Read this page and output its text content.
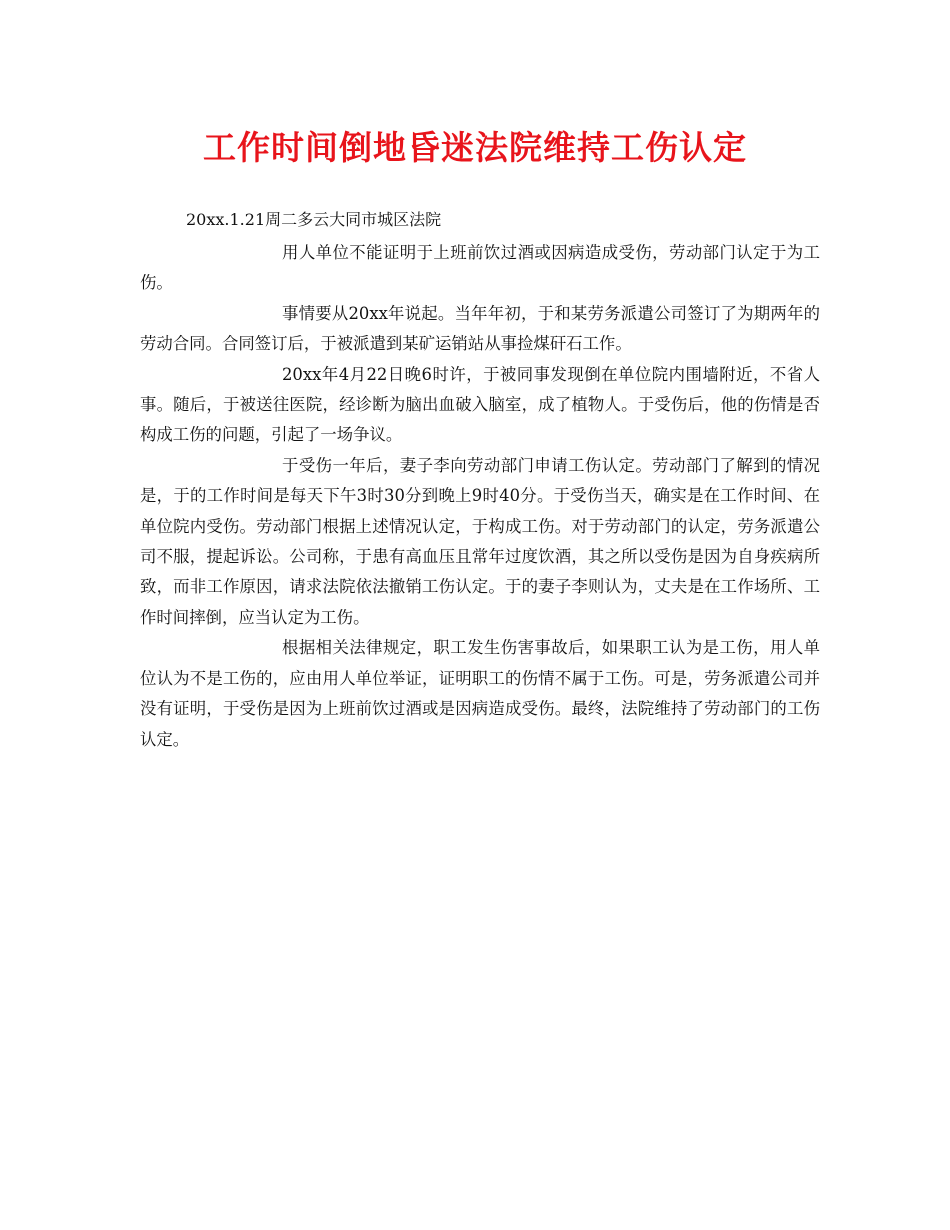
工作时间倒地昏迷法院维持工伤认定

20xx.1.21周二多云大同市城区法院

用人单位不能证明于上班前饮过酒或因病造成受伤，劳动部门认定于为工伤。

事情要从20xx年说起。当年年初，于和某劳务派遣公司签订了为期两年的劳动合同。合同签订后，于被派遣到某矿运销站从事捡煤矸石工作。

20xx年4月22日晚6时许，于被同事发现倒在单位院内围墙附近，不省人事。随后，于被送往医院，经诊断为脑出血破入脑室，成了植物人。于受伤后，他的伤情是否构成工伤的问题，引起了一场争议。

于受伤一年后，妻子李向劳动部门申请工伤认定。劳动部门了解到的情况是，于的工作时间是每天下午3时30分到晚上9时40分。于受伤当天，确实是在工作时间、在单位院内受伤。劳动部门根据上述情况认定，于构成工伤。对于劳动部门的认定，劳务派遣公司不服，提起诉讼。公司称，于患有高血压且常年过度饮酒，其之所以受伤是因为自身疾病所致，而非工作原因，请求法院依法撤销工伤认定。于的妻子李则认为，丈夫是在工作场所、工作时间摔倒，应当认定为工伤。

根据相关法律规定，职工发生伤害事故后，如果职工认为是工伤，用人单位认为不是工伤的，应由用人单位举证，证明职工的伤情不属于工伤。可是，劳务派遣公司并没有证明，于受伤是因为上班前饮过酒或是因病造成受伤。最终，法院维持了劳动部门的工伤认定。
